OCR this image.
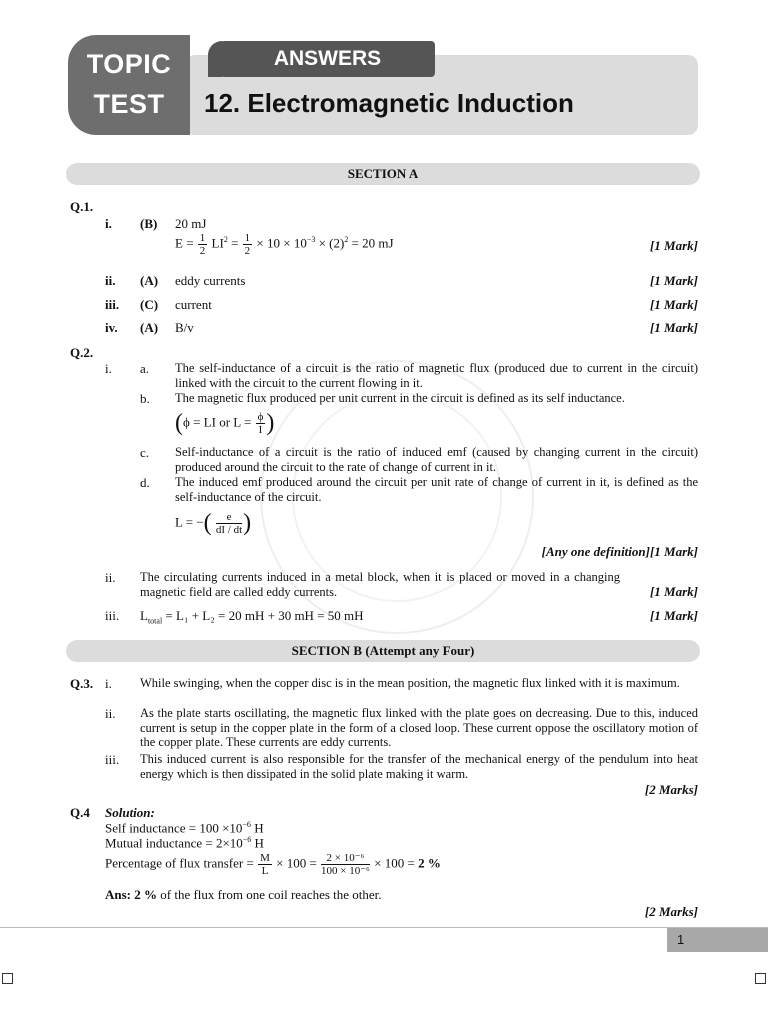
TOPIC
TEST
ANSWERS
12. Electromagnetic Induction
SECTION A
Q.1.
i. (B) 20 mJ
$E = \frac{1}{2} LI^2 = \frac{1}{2} \times 10 \times 10^{-3} \times (2)^2 = 20$ mJ	[1 Mark]
ii. (A) eddy currents	[1 Mark]
iii. (C) current	[1 Mark]
iv. (A) B/v	[1 Mark]
Q.2.
i. a. The self-inductance of a circuit is the ratio of magnetic flux (produced due to current in the circuit) linked with the circuit to the current flowing in it.
b. The magnetic flux produced per unit current in the circuit is defined as its self inductance.
(ϕ = LI or $L = \frac{\phi}{I}$ )
c. Self-inductance of a circuit is the ratio of induced emf (caused by changing current in the circuit) produced around the circuit to the rate of change of current in it.
d. The induced emf produced around the circuit per unit rate of change of current in it, is defined as the self-inductance of the circuit.
L = −( $\frac{e}{dI / dt}$ )
[Any one definition][1 Mark]
ii. The circulating currents induced in a metal block, when it is placed or moved in a changing magnetic field are called eddy currents.	[1 Mark]
iii. $L_{total} = L_1 + L_2 = 20$ mH + 30 mH = 50 mH	[1 Mark]
SECTION B (Attempt any Four)
Q.3. i. While swinging, when the copper disc is in the mean position, the magnetic flux linked with it is maximum.
ii. As the plate starts oscillating, the magnetic flux linked with the plate goes on decreasing. Due to this, induced current is setup in the copper plate in the form of a closed loop. These current oppose the oscillatory motion of the copper plate. These currents are eddy currents.
iii. This induced current is also responsible for the transfer of the mechanical energy of the pendulum into heat energy which is then dissipated in the solid plate making it warm.
[2 Marks]
Q.4 Solution:
Self inductance = $100 \times 10^{-6}$ H
Mutual inductance = $2\times 10^{-6}$ H
Percentage of flux transfer = $\frac{M}{L} \times 100 = \frac{\text{2 × 10⁻⁶}}{\text{100 × 10⁻⁶}} \times 100 = 2$ %
Ans: 2 % of the flux from one coil reaches the other.
[2 Marks]
1
